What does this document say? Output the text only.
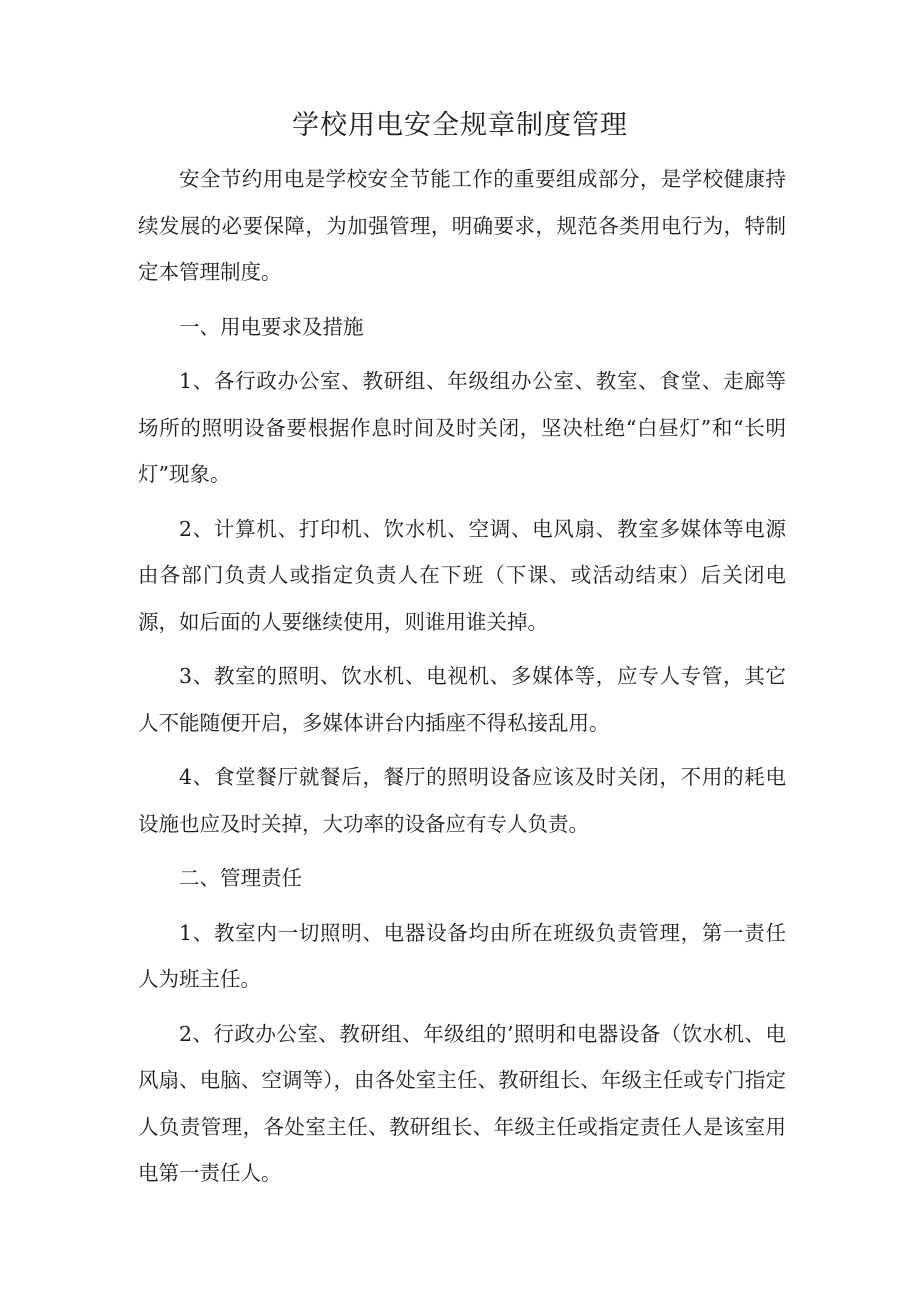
学校用电安全规章制度管理

安全节约用电是学校安全节能工作的重要组成部分，是学校健康持续发展的必要保障，为加强管理，明确要求，规范各类用电行为，特制定本管理制度。

一、用电要求及措施

1、各行政办公室、教研组、年级组办公室、教室、食堂、走廊等场所的照明设备要根据作息时间及时关闭，坚决杜绝“白昼灯”和“长明灯”现象。

2、计算机、打印机、饮水机、空调、电风扇、教室多媒体等电源由各部门负责人或指定负责人在下班（下课、或活动结束）后关闭电源，如后面的人要继续使用，则谁用谁关掉。

3、教室的照明、饮水机、电视机、多媒体等，应专人专管，其它人不能随便开启，多媒体讲台内插座不得私接乱用。

4、食堂餐厅就餐后，餐厅的照明设备应该及时关闭，不用的耗电设施也应及时关掉，大功率的设备应有专人负责。

二、管理责任

1、教室内一切照明、电器设备均由所在班级负责管理，第一责任人为班主任。

2、行政办公室、教研组、年级组的’照明和电器设备（饮水机、电风扇、电脑、空调等），由各处室主任、教研组长、年级主任或专门指定人负责管理，各处室主任、教研组长、年级主任或指定责任人是该室用电第一责任人。
